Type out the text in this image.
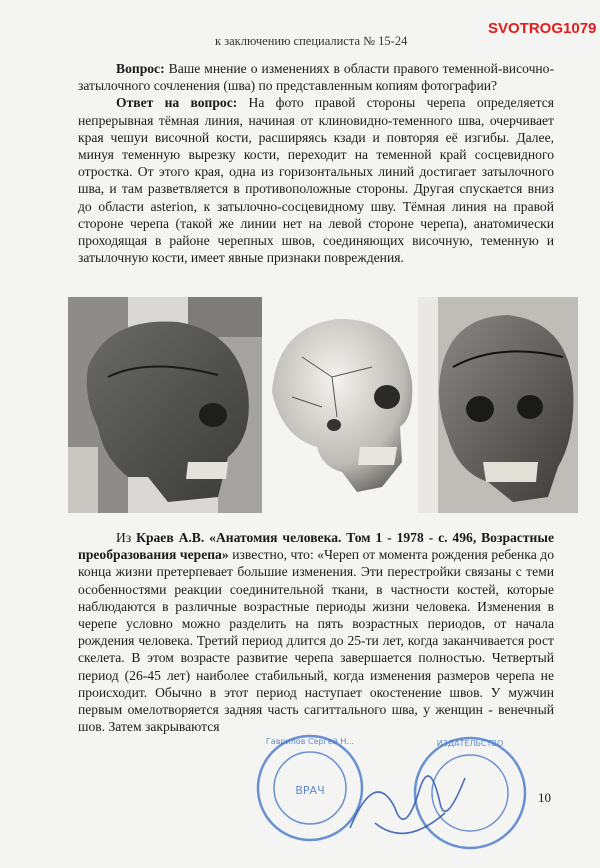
к заключению специалиста № 15-24
SVOTROG1079

Вопрос: Ваше мнение о изменениях в области правого теменной-височно-затылочного сочленения (шва) по представленным копиям фотографии?

Ответ на вопрос: На фото правой стороны черепа определяется непрерывная тёмная линия, начиная от клиновидно-теменного шва, очерчивает края чешуи височной кости, расширяясь кзади и повторяя её изгибы. Далее, минуя теменную вырезку кости, переходит на теменной край сосцевидного отростка. От этого края, одна из горизонтальных линий достигает затылочного шва, и там разветвляется в противоположные стороны. Другая спускается вниз до области asterion, к затылочно-сосцевидному шву. Тёмная линия на правой стороне черепа (такой же линии нет на левой стороне черепа), анатомически проходящая в районе черепных швов, соединяющих височную, теменную и затылочную кости, имеет явные признаки повреждения.

Из Краев А.В. «Анатомия человека. Том 1 - 1978 - с. 496, Возрастные преобразования черепа» известно, что: «Череп от момента рождения ребенка до конца жизни претерпевает большие изменения. Эти перестройки связаны с теми особенностями реакции соединительной ткани, в частности костей, которые наблюдаются в различные возрастные периоды жизни человека. Изменения в черепе условно можно разделить на пять возрастных периодов, от начала рождения человека. Третий период длится до 25-ти лет, когда заканчивается рост скелета. В этом возрасте развитие черепа завершается полностью. Четвертый период (26-45 лет) наиболее стабильный, когда изменения размеров черепа не происходит. Обычно в этот период наступает окостенение швов. У мужчин первым омелотворяется задняя часть сагиттального шва, у женщин - венечный шов. Затем закрываются

ВРАЧ
Гаврилов Сергей Н...	ИЗДАТЕЛЬСТВО
10
